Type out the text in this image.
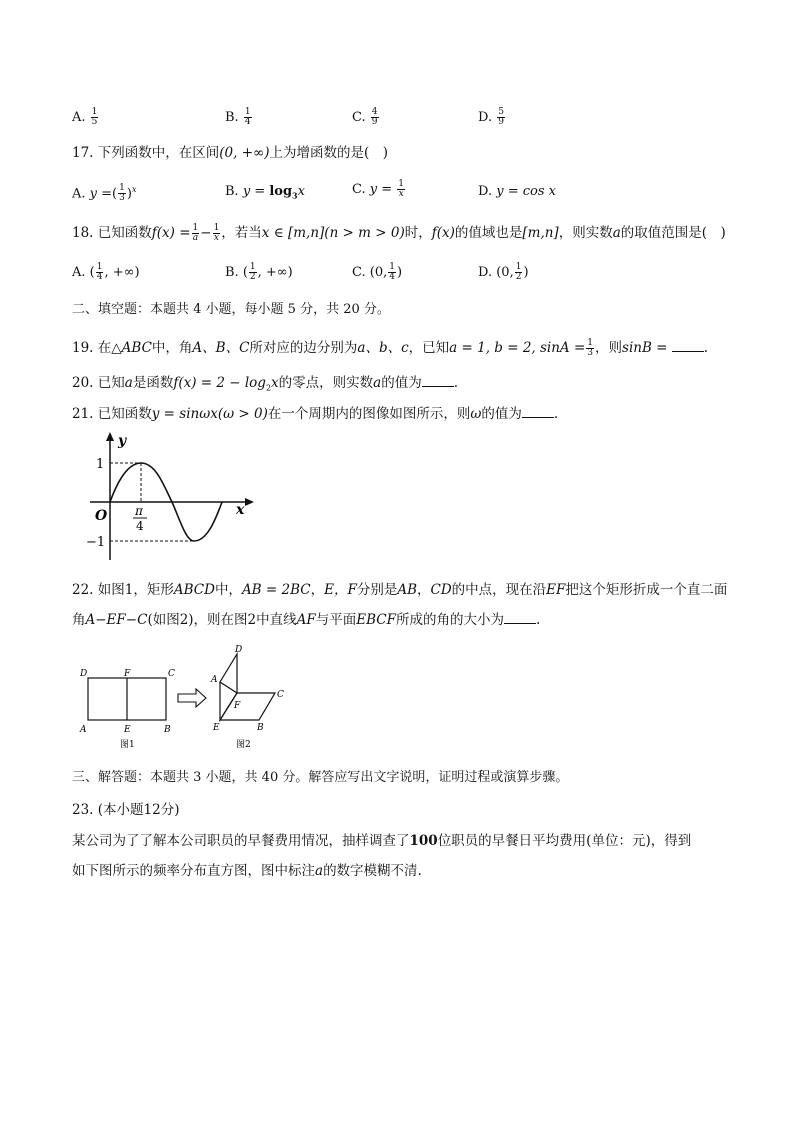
A. $\frac{1}{5}$	B. $\frac{1}{4}$	C. $\frac{4}{9}$	D. $\frac{5}{9}$
17. 下列函数中，在区间(0, +∞)上为增函数的是(　)
A. y =( $\frac{1}{3} )^x$	B. $y = \log_3x$	C. $y = \frac{1}{x}$	D. y = cos x
18. 已知函数$f(x) = \frac{1}{a} - \frac{1}{x}$ ，若当x ∈ [m,n](n > m > 0)时，f(x)的值域也是[m,n]，则实数a的取值范围是(　)
A. ( $\frac{1}{4}$ , +∞)	B. ( $\frac{1}{2}$ , +∞)	C. (0, $\frac{1}{4}$ )	D. (0, $\frac{1}{2}$ )
二、填空题：本题共 4 小题，每小题 5 分，共 20 分。
19. 在△ABC中，角A、B、C所对应的边分别为a、b、c，已知a = 1, b = 2, $\sin A = \frac{1}{3}$ ，则sinB =	.
20. 已知a是函数$f(x) = 2 - \log_2x$的零点，则实数a的值为 .
21. 已知函数y = sinωx(ω > 0)在一个周期内的图像如图所示，则ω的值为 .
y
x
O
1
−1
π
4
22. 如图1，矩形ABCD中，AB = 2BC，E，F分别是AB，CD的中点，现在沿EF把这个矩形折成一个直二面
角A−EF−C(如图2)，则在图2中直线AF与平面EBCF所成的角的大小为 .
D	F	C
A	E	B
图1
D
A
F
C
E	B
图2
三、解答题：本题共 3 小题，共 40 分。解答应写出文字说明，证明过程或演算步骤。
23. (本小题12分)
某公司为了了解本公司职员的早餐费用情况，抽样调查了100位职员的早餐日平均费用(单位：元)，得到
如下图所示的频率分布直方图，图中标注a的数字模糊不清.
